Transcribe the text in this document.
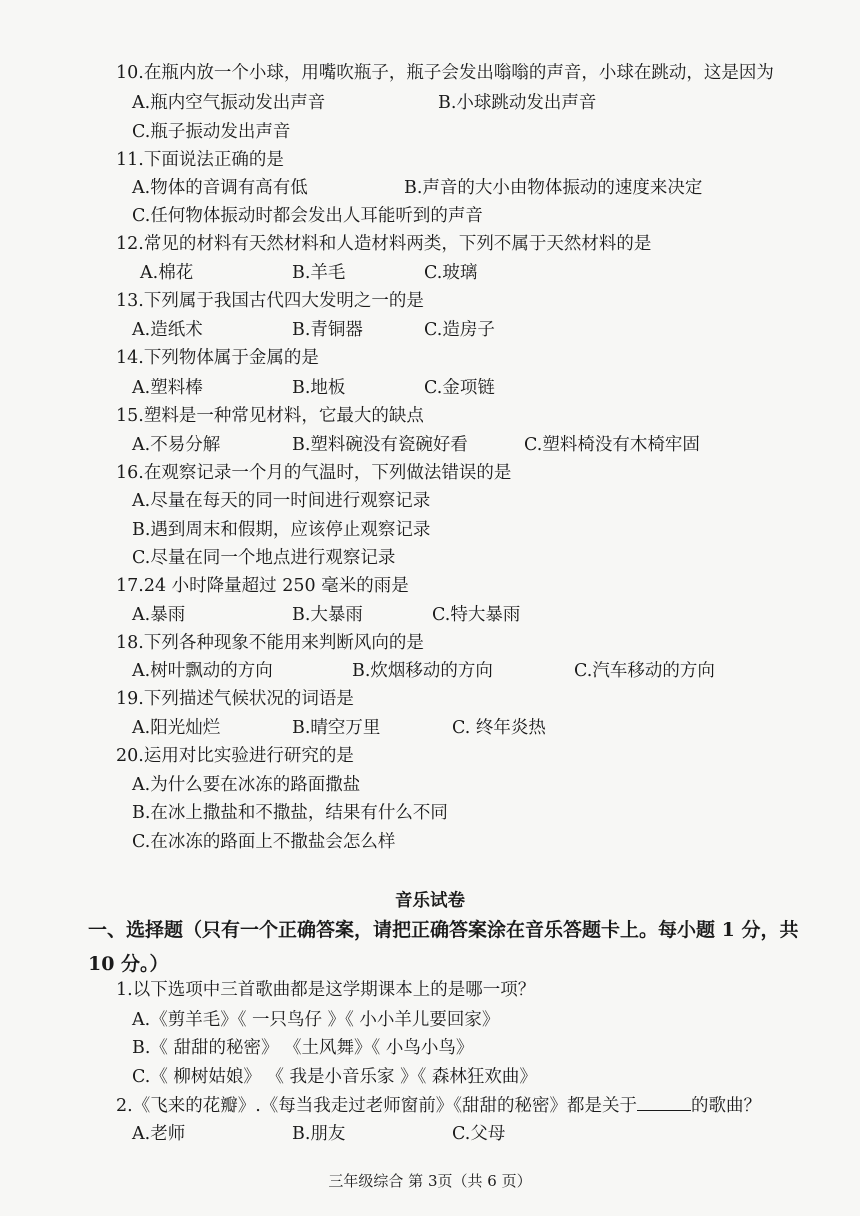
10.在瓶内放一个小球，用嘴吹瓶子，瓶子会发出嗡嗡的声音，小球在跳动，这是因为
A.瓶内空气振动发出声音	B.小球跳动发出声音
C.瓶子振动发出声音
11.下面说法正确的是
A.物体的音调有高有低	B.声音的大小由物体振动的速度来决定
C.任何物体振动时都会发出人耳能听到的声音
12.常见的材料有天然材料和人造材料两类，下列不属于天然材料的是
A.棉花	B.羊毛	C.玻璃
13.下列属于我国古代四大发明之一的是
A.造纸术	B.青铜器	C.造房子
14.下列物体属于金属的是
A.塑料棒	B.地板	C.金项链
15.塑料是一种常见材料，它最大的缺点
A.不易分解	B.塑料碗没有瓷碗好看	C.塑料椅没有木椅牢固
16.在观察记录一个月的气温时，下列做法错误的是
A.尽量在每天的同一时间进行观察记录
B.遇到周末和假期，应该停止观察记录
C.尽量在同一个地点进行观察记录
17.24 小时降量超过 250 毫米的雨是
A.暴雨	B.大暴雨	C.特大暴雨
18.下列各种现象不能用来判断风向的是
A.树叶飘动的方向	B.炊烟移动的方向	C.汽车移动的方向
19.下列描述气候状况的词语是
A.阳光灿烂	B.晴空万里	C. 终年炎热
20.运用对比实验进行研究的是
A.为什么要在冰冻的路面撒盐
B.在冰上撒盐和不撒盐，结果有什么不同
C.在冰冻的路面上不撒盐会怎么样
音乐试卷
一、选择题（只有一个正确答案，请把正确答案涂在音乐答题卡上。每小题 1 分，共 10 分。）
1.以下选项中三首歌曲都是这学期课本上的是哪一项？
A.《剪羊毛》《 一只鸟仔 》《 小小羊儿要回家》
B.《 甜甜的秘密》 《土风舞》《 小鸟小鸟》
C.《 柳树姑娘》 《 我是小音乐家 》《 森林狂欢曲》
2.《飞来的花瓣》.《每当我走过老师窗前》《甜甜的秘密》都是关于	的歌曲？
A.老师	B.朋友	C.父母
三年级综合 第 3页（共 6 页）
